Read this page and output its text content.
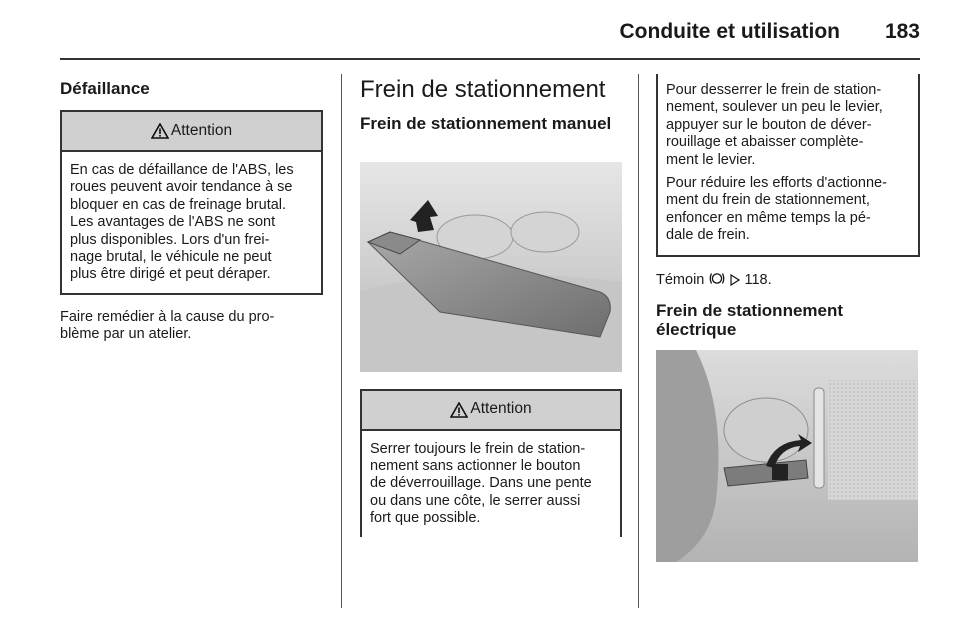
Conduite et utilisation 183
Défaillance
Attention
En cas de défaillance de l'ABS, les
roues peuvent avoir tendance à se
bloquer en cas de freinage brutal.
Les avantages de l'ABS ne sont
plus disponibles. Lors d'un frei-
nage brutal, le véhicule ne peut
plus être dirigé et peut déraper.

Faire remédier à la cause du pro-
blème par un atelier.

Frein de stationnement
Frein de stationnement manuel
Attention
Serrer toujours le frein de station-
nement sans actionner le bouton
de déverrouillage. Dans une pente
ou dans une côte, le serrer aussi
fort que possible.

Pour desserrer le frein de station-
nement, soulever un peu le levier,
appuyer sur le bouton de déver-
rouillage et abaisser complète-
ment le levier.

Pour réduire les efforts d'actionne-
ment du frein de stationnement,
enfoncer en même temps la pé-
dale de frein.

Témoin	118.

Frein de stationnement
électrique
